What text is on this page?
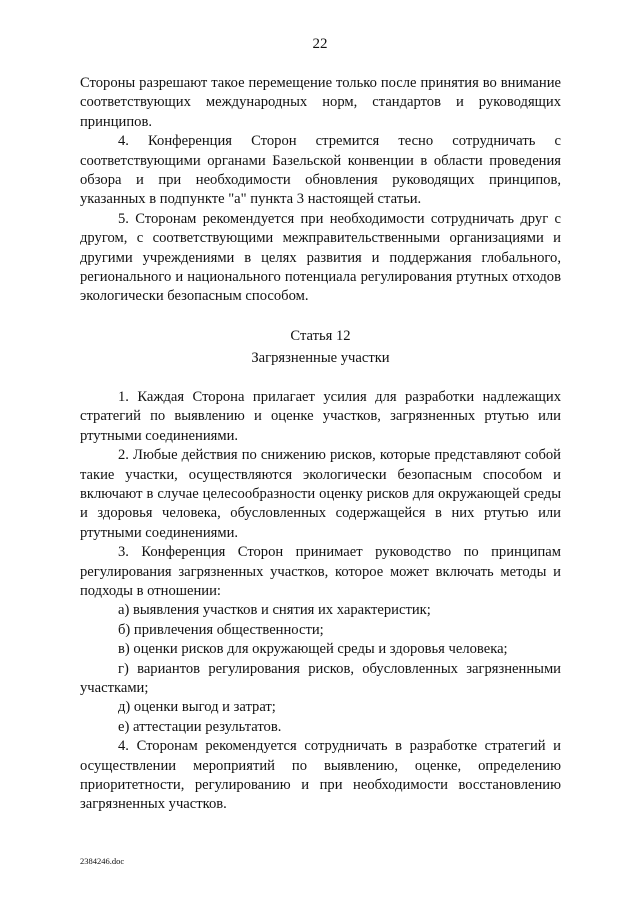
22

Стороны разрешают такое перемещение только после принятия во внимание соответствующих международных норм, стандартов и руководящих принципов.

4. Конференция Сторон стремится тесно сотрудничать с соответствующими органами Базельской конвенции в области проведения обзора и при необходимости обновления руководящих принципов, указанных в подпункте "а" пункта 3 настоящей статьи.

5. Сторонам рекомендуется при необходимости сотрудничать друг с другом, с соответствующими межправительственными организациями и другими учреждениями в целях развития и поддержания глобального, регионального и национального потенциала регулирования ртутных отходов экологически безопасным способом.

Статья 12
Загрязненные участки

1. Каждая Сторона прилагает усилия для разработки надлежащих стратегий по выявлению и оценке участков, загрязненных ртутью или ртутными соединениями.

2. Любые действия по снижению рисков, которые представляют собой такие участки, осуществляются экологически безопасным способом и включают в случае целесообразности оценку рисков для окружающей среды и здоровья человека, обусловленных содержащейся в них ртутью или ртутными соединениями.

3. Конференция Сторон принимает руководство по принципам регулирования загрязненных участков, которое может включать методы и подходы в отношении:

а) выявления участков и снятия их характеристик;

б) привлечения общественности;

в) оценки рисков для окружающей среды и здоровья человека;

г) вариантов регулирования рисков, обусловленных загрязненными участками;

д) оценки выгод и затрат;

е) аттестации результатов.

4. Сторонам рекомендуется сотрудничать в разработке стратегий и осуществлении мероприятий по выявлению, оценке, определению приоритетности, регулированию и при необходимости восстановлению загрязненных участков.

2384246.doc
